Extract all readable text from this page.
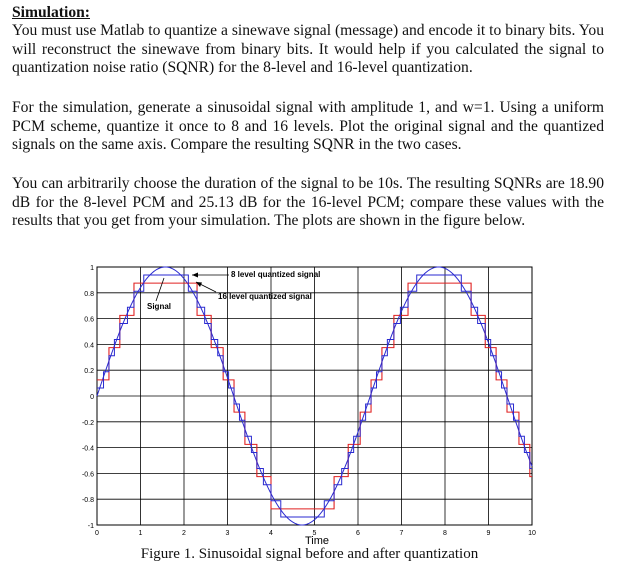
Simulation:
You must use Matlab to quantize a sinewave signal (message) and encode it to binary bits. You will reconstruct the sinewave from binary bits. It would help if you calculated the signal to quantization noise ratio (SQNR) for the 8-level and 16-level quantization.
For the simulation, generate a sinusoidal signal with amplitude 1, and w=1. Using a uniform PCM scheme, quantize it once to 8 and 16 levels. Plot the original signal and the quantized signals on the same axis. Compare the resulting SQNR in the two cases.
You can arbitrarily choose the duration of the signal to be 10s. The resulting SQNRs are 18.90 dB for the 8-level PCM and 25.13 dB for the 16-level PCM; compare these values with the results that you get from your simulation. The plots are shown in the figure below.
-1
-0.8
-0.6
-0.4
-0.2
0
0.2
0.4
0.6
0.8
1
0	1	2	3	4	5	6	7	8	9	10
8 level quantized signal
16 level quantized signal
Signal
Time
Figure 1. Sinusoidal signal before and after quantization
